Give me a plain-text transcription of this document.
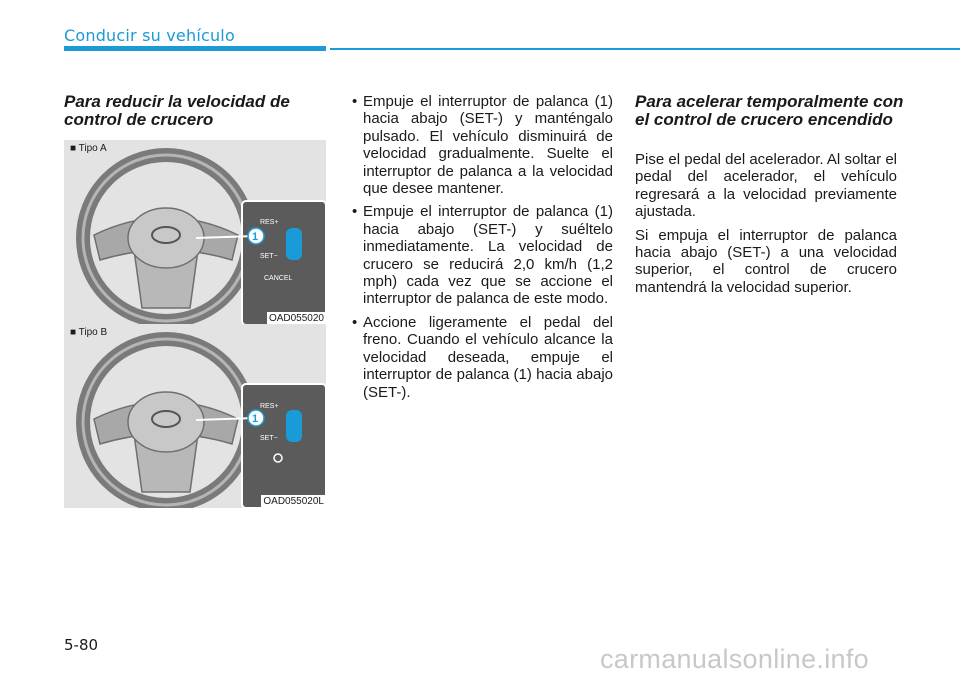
Conducir su vehículo
Para reducir la velocidad de control de crucero
RES+
SET−
CANCEL
1
■ Tipo A
OAD055020
RES+
SET−
1
■ Tipo B
OAD055020L
• Empuje el interruptor de palanca (1) hacia abajo (SET-) y manténgalo pulsado. El vehículo disminuirá de velocidad gradualmente. Suelte el interruptor de palanca a la velocidad que desee mantener.
• Empuje el interruptor de palanca (1) hacia abajo (SET-) y suéltelo inmediatamente. La velocidad de crucero se reducirá 2,0 km/h (1,2 mph) cada vez que se accione el interruptor de palanca de este modo.
• Accione ligeramente el pedal del freno. Cuando el vehículo alcance la velocidad deseada, empuje el interruptor de palanca (1) hacia abajo (SET-).
Para acelerar temporalmente con el control de crucero encendido

Pise el pedal del acelerador. Al soltar el pedal del acelerador, el vehículo regresará a la velocidad previamente ajustada.

Si empuja el interruptor de palanca hacia abajo (SET-) a una velocidad superior, el control de crucero mantendrá la velocidad superior.

5-80	carmanualsonline.info
